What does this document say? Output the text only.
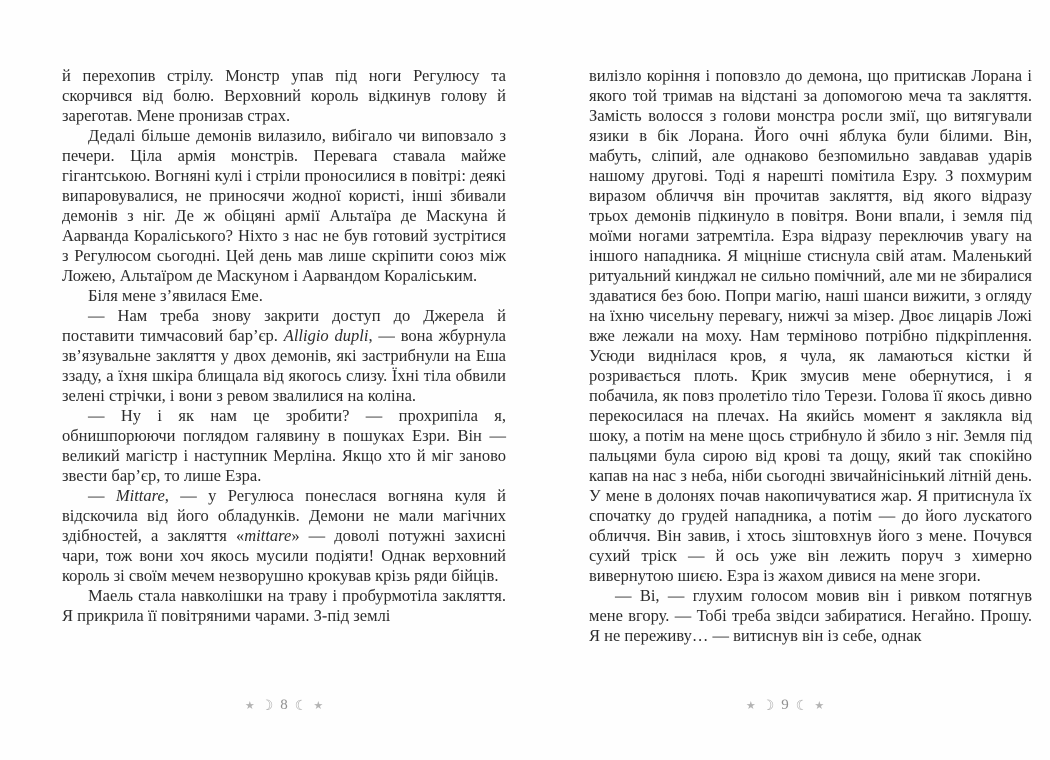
й перехопив стрілу. Монстр упав під ноги Регулюсу та скорчився від болю. Верховний король відкинув голову й зареготав. Мене пронизав страх.

Дедалі більше демонів вилазило, вибігало чи виповзало з печери. Ціла армія монстрів. Перевага ставала майже гігантською. Вогняні кулі і стріли проносилися в повітрі: деякі випаровувалися, не приносячи жодної користі, інші збивали демонів з ніг. Де ж обіцяні армії Альтаїра де Маскуна й Аарванда Кораліського? Ніхто з нас не був готовий зустрітися з Регулюсом сьогодні. Цей день мав лише скріпити союз між Ложею, Альтаїром де Маскуном і Аарвандом Кораліським.

Біля мене з’явилася Еме.

— Нам треба знову закрити доступ до Джерела й поставити тимчасовий бар’єр. Alligio dupli, — вона жбурнула зв’язувальне закляття у двох демонів, які застрибнули на Еша ззаду, а їхня шкіра блищала від якогось слизу. Їхні тіла обвили зелені стрічки, і вони з ревом звалилися на коліна.

— Ну і як нам це зробити? — прохрипіла я, обнишпорюючи поглядом галявину в пошуках Езри. Він — великий магістр і наступник Мерліна. Якщо хто й міг заново звести бар’єр, то лише Езра.

— Mittare, — у Регулюса понеслася вогняна куля й відскочила від його обладунків. Демони не мали магічних здібностей, а закляття «mittare» — доволі потужні захисні чари, тож вони хоч якось мусили подіяти! Однак верховний король зі своїм мечем незворушно крокував крізь ряди бійців.

Маель стала навколішки на траву і пробурмотіла закляття. Я прикрила її повітряними чарами. З-під землі

★ ☽ 8 ☾ ★

вилізло коріння і поповзло до демона, що притискав Лорана і якого той тримав на відстані за допомогою меча та закляття. Замість волосся з голови монстра росли змії, що витягували язики в бік Лорана. Його очні яблука були білими. Він, мабуть, сліпий, але однаково безпомильно завдавав ударів нашому другові. Тоді я нарешті помітила Езру. З похмурим виразом обличчя він прочитав закляття, від якого відразу трьох демонів підкинуло в повітря. Вони впали, і земля під моїми ногами затремтіла. Езра відразу переключив увагу на іншого нападника. Я міцніше стиснула свій атам. Маленький ритуальний кинджал не сильно помічний, але ми не збиралися здаватися без бою. Попри магію, наші шанси вижити, з огляду на їхню чисельну перевагу, нижчі за мізер. Двоє лицарів Ложі вже лежали на моху. Нам терміново потрібно підкріплення. Усюди виднілася кров, я чула, як ламаються кістки й розривається плоть. Крик змусив мене обернутися, і я побачила, як повз пролетіло тіло Терези. Голова її якось дивно перекосилася на плечах. На якийсь момент я заклякла від шоку, а потім на мене щось стрибнуло й збило з ніг. Земля під пальцями була сирою від крові та дощу, який так спокійно капав на нас з неба, ніби сьогодні звичайнісінький літній день. У мене в долонях почав накопичуватися жар. Я притиснула їх спочатку до грудей нападника, а потім — до його лускатого обличчя. Він завив, і хтось зіштовхнув його з мене. Почувся сухий тріск — й ось уже він лежить поруч з химерно вивернутою шиєю. Езра із жахом дивися на мене згори.

— Ві, — глухим голосом мовив він і ривком потягнув мене вгору. — Тобі треба звідси забиратися. Негайно. Прошу. Я не переживу… — витиснув він із себе, однак

★ ☽ 9 ☾ ★
